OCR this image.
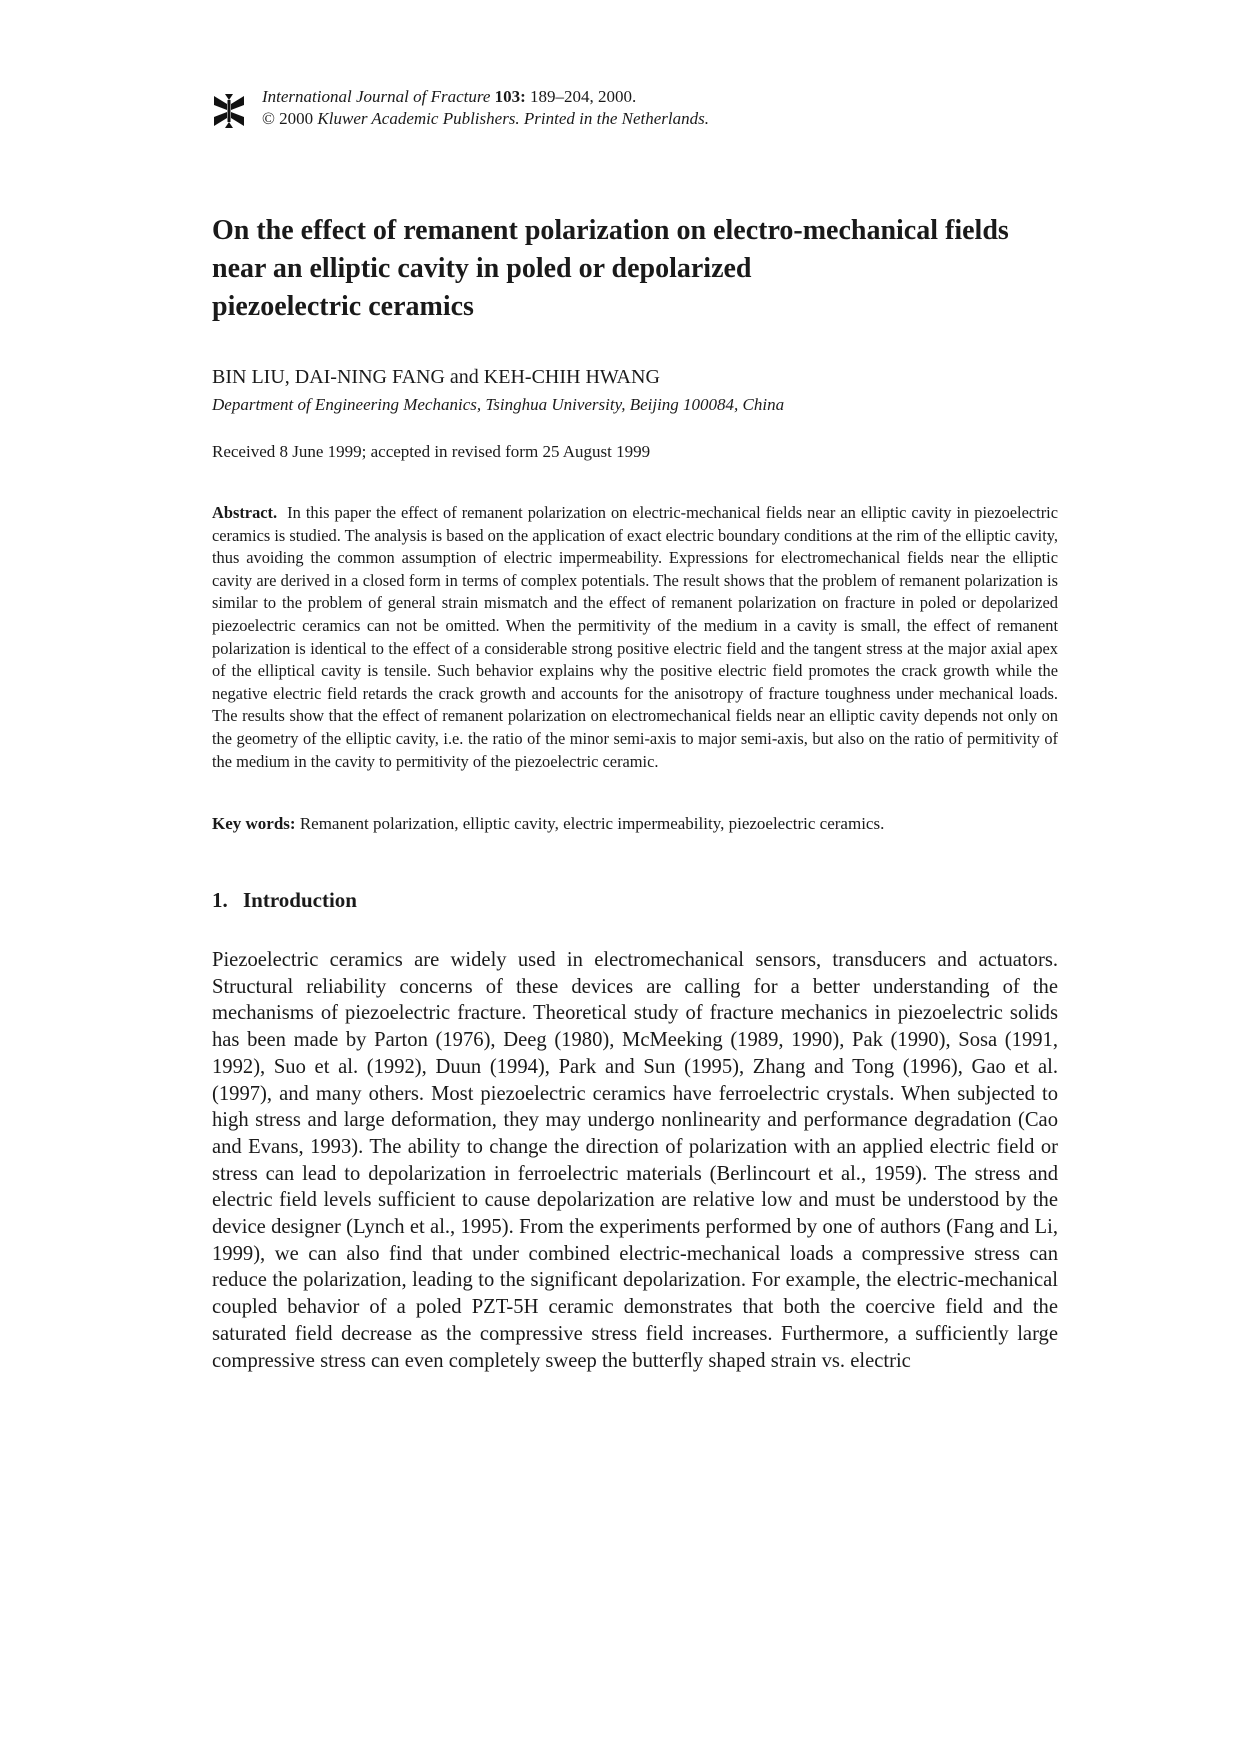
International Journal of Fracture 103: 189–204, 2000.
© 2000 Kluwer Academic Publishers. Printed in the Netherlands.
On the effect of remanent polarization on electro-mechanical fields
near an elliptic cavity in poled or depolarized
piezoelectric ceramics
BIN LIU, DAI-NING FANG and KEH-CHIH HWANG
Department of Engineering Mechanics, Tsinghua University, Beijing 100084, China
Received 8 June 1999; accepted in revised form 25 August 1999

Abstract. In this paper the effect of remanent polarization on electric-mechanical fields near an elliptic cavity in piezoelectric ceramics is studied. The analysis is based on the application of exact electric boundary conditions at the rim of the elliptic cavity, thus avoiding the common assumption of electric impermeability. Expressions for electromechanical fields near the elliptic cavity are derived in a closed form in terms of complex potentials. The result shows that the problem of remanent polarization is similar to the problem of general strain mismatch and the effect of remanent polarization on fracture in poled or depolarized piezoelectric ceramics can not be omitted. When the permitivity of the medium in a cavity is small, the effect of remanent polarization is identical to the effect of a considerable strong positive electric field and the tangent stress at the major axial apex of the elliptical cavity is tensile. Such behavior explains why the positive electric field promotes the crack growth while the negative electric field retards the crack growth and accounts for the anisotropy of fracture toughness under mechanical loads. The results show that the effect of remanent polarization on electromechanical fields near an elliptic cavity depends not only on the geometry of the elliptic cavity, i.e. the ratio of the minor semi-axis to major semi-axis, but also on the ratio of permitivity of the medium in the cavity to permitivity of the piezoelectric ceramic.

Key words: Remanent polarization, elliptic cavity, electric impermeability, piezoelectric ceramics.
1. Introduction

Piezoelectric ceramics are widely used in electromechanical sensors, transducers and actuators. Structural reliability concerns of these devices are calling for a better understanding of the mechanisms of piezoelectric fracture. Theoretical study of fracture mechanics in piezoelectric solids has been made by Parton (1976), Deeg (1980), McMeeking (1989, 1990), Pak (1990), Sosa (1991, 1992), Suo et al. (1992), Duun (1994), Park and Sun (1995), Zhang and Tong (1996), Gao et al. (1997), and many others. Most piezoelectric ceramics have ferroelectric crystals. When subjected to high stress and large deformation, they may undergo nonlinearity and performance degradation (Cao and Evans, 1993). The ability to change the direction of polarization with an applied electric field or stress can lead to depolarization in ferroelectric materials (Berlincourt et al., 1959). The stress and electric field levels sufficient to cause depolarization are relative low and must be understood by the device designer (Lynch et al., 1995). From the experiments performed by one of authors (Fang and Li, 1999), we can also find that under combined electric-mechanical loads a compressive stress can reduce the polarization, leading to the significant depolarization. For example, the electric-mechanical coupled behavior of a poled PZT-5H ceramic demonstrates that both the coercive field and the saturated field decrease as the compressive stress field increases. Furthermore, a sufficiently large compressive stress can even completely sweep the butterfly shaped strain vs. electric
